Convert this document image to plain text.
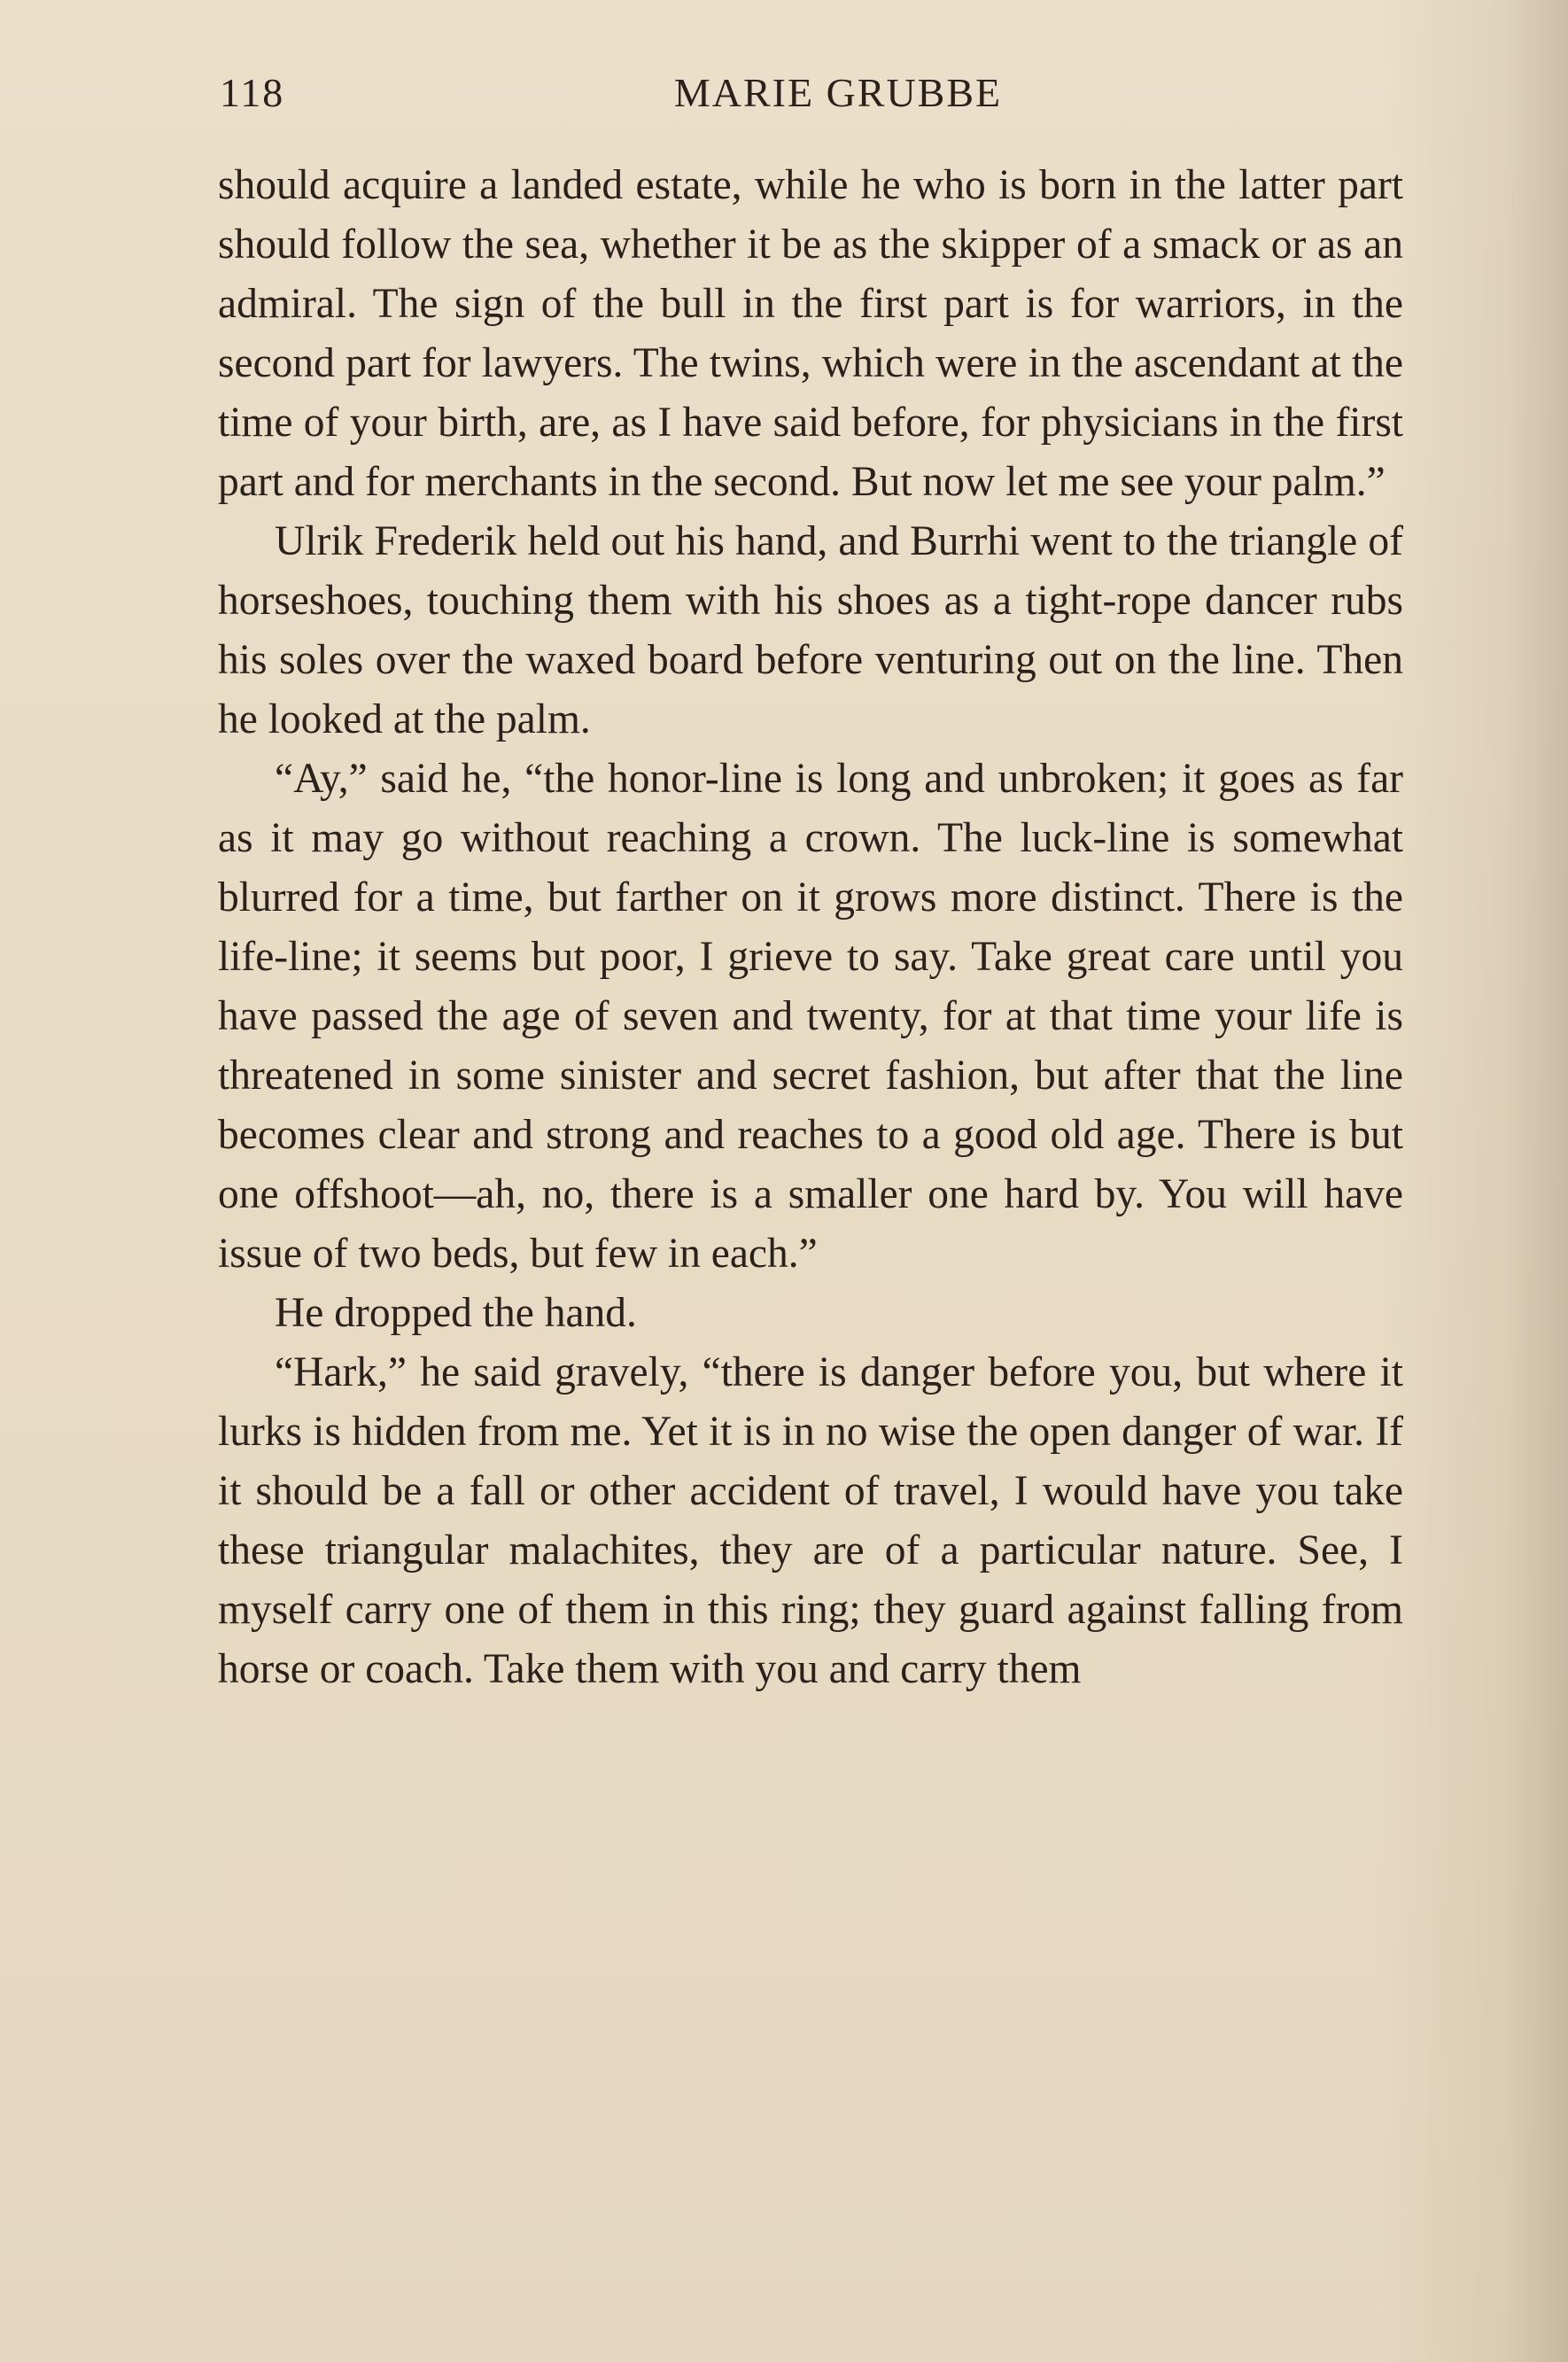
118	MARIE GRUBBE

should acquire a landed estate, while he who is born in the latter part should follow the sea, whether it be as the skipper of a smack or as an admiral. The sign of the bull in the first part is for warriors, in the second part for lawyers. The twins, which were in the ascendant at the time of your birth, are, as I have said before, for physicians in the first part and for merchants in the second. But now let me see your palm.”

Ulrik Frederik held out his hand, and Burrhi went to the triangle of horseshoes, touching them with his shoes as a tight-rope dancer rubs his soles over the waxed board before venturing out on the line. Then he looked at the palm.

“Ay,” said he, “the honor-line is long and unbroken; it goes as far as it may go without reaching a crown. The luck-line is somewhat blurred for a time, but farther on it grows more distinct. There is the life-line; it seems but poor, I grieve to say. Take great care until you have passed the age of seven and twenty, for at that time your life is threatened in some sinister and secret fashion, but after that the line becomes clear and strong and reaches to a good old age. There is but one offshoot—ah, no, there is a smaller one hard by. You will have issue of two beds, but few in each.”

He dropped the hand.

“Hark,” he said gravely, “there is danger before you, but where it lurks is hidden from me. Yet it is in no wise the open danger of war. If it should be a fall or other accident of travel, I would have you take these triangular malachites, they are of a particular nature. See, I myself carry one of them in this ring; they guard against falling from horse or coach. Take them with you and carry them
